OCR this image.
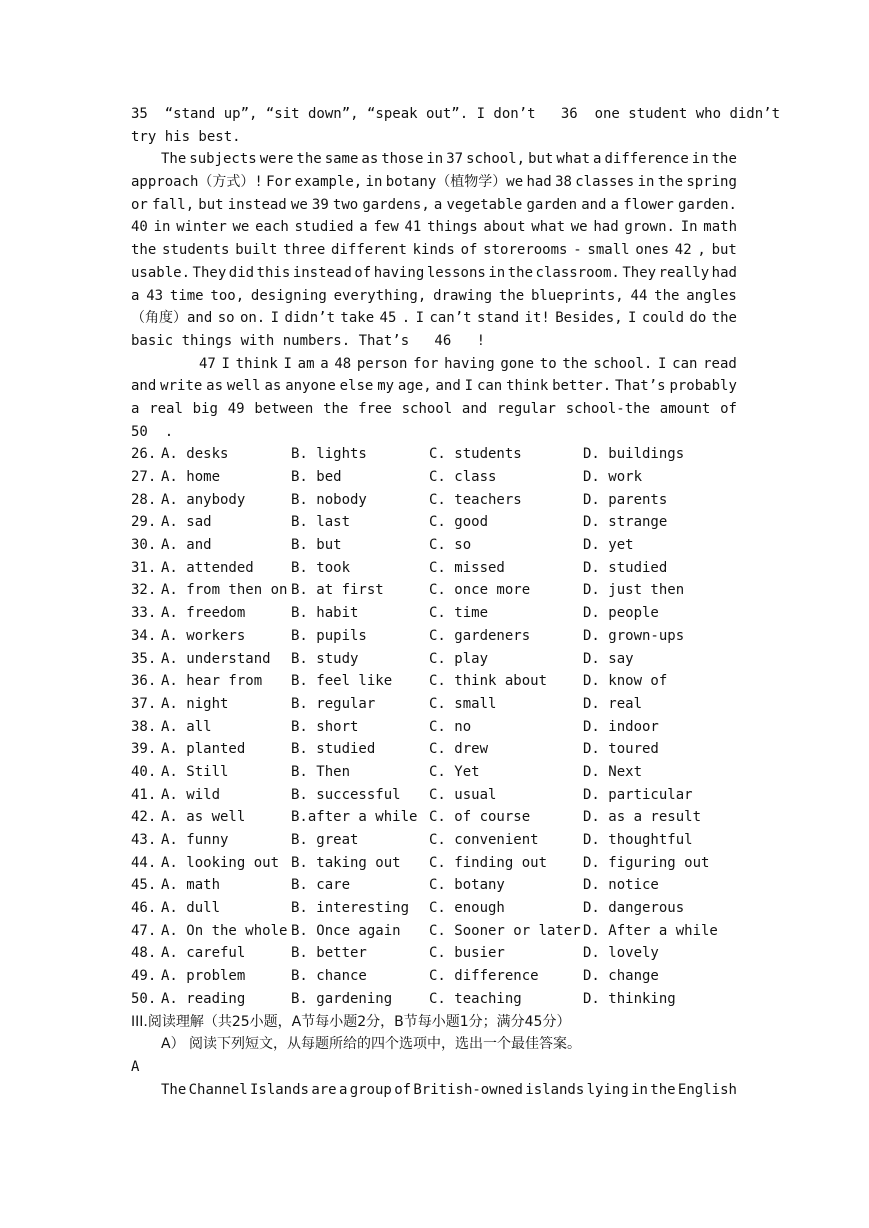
35  “stand up”, “sit down”, “speak out”. I don’t   36  one student who didn’t
try his best.
The subjects were the same as those in 37 school, but what a difference in the
approach（方式）! For example, in botany（植物学）we had 38 classes in the spring
or fall, but instead we 39 two gardens, a vegetable garden and a flower garden.
40 in winter we each studied a few 41 things about what we had grown. In math
the students built three different kinds of storerooms - small ones 42 , but
usable. They did this instead of having lessons in the classroom. They really had
a 43 time too, designing everything, drawing the blueprints, 44 the angles
（角度）and so on. I didn’t take 45 . I can’t stand it! Besides, I could do the
basic things with numbers. That’s   46   !
47 I think I am a 48 person for having gone to the school. I can read
and write as well as anyone else my age, and I can think better. That’s probably
a real big 49 between the free school and regular school-the amount of
50  .
26. A. desks	B. lights	C. students	D. buildings
27. A. home	B. bed	C. class	D. work
28. A. anybody	B. nobody	C. teachers	D. parents
29. A. sad	B. last	C. good	D. strange
30. A. and	B. but	C. so	D. yet
31. A. attended	B. took	C. missed	D. studied
32. A. from then on B. at first	C. once more	D. just then
33. A. freedom	B. habit	C. time	D. people
34. A. workers	B. pupils	C. gardeners	D. grown-ups
35. A. understand B. study	C. play	D. say
36. A. hear from B. feel like	C. think about	D. know of
37. A. night	B. regular	C. small	D. real
38. A. all	B. short	C. no	D. indoor
39. A. planted	B. studied	C. drew	D. toured
40. A. Still	B. Then	C. Yet	D. Next
41. A. wild	B. successful C. usual	D. particular
42. A. as well	B.after a while C. of course	D. as a result
43. A. funny	B. great	C. convenient	D. thoughtful
44. A. looking out B. taking out C. finding out	D. figuring out
45. A. math	B. care	C. botany	D. notice
46. A. dull	B. interesting C. enough	D. dangerous
47. A. On the whole B. Once again C. Sooner or later D. After a while
48. A. careful	B. better	C. busier	D. lovely
49. A. problem	B. chance	C. difference	D. change
50. A. reading	B. gardening	C. teaching	D. thinking
III.阅读理解（共25小题，A节每小题2分，B节每小题1分；满分45分）
A） 阅读下列短文，从每题所给的四个选项中，选出一个最佳答案。
A
The Channel Islands are a group of British-owned islands lying in the English
